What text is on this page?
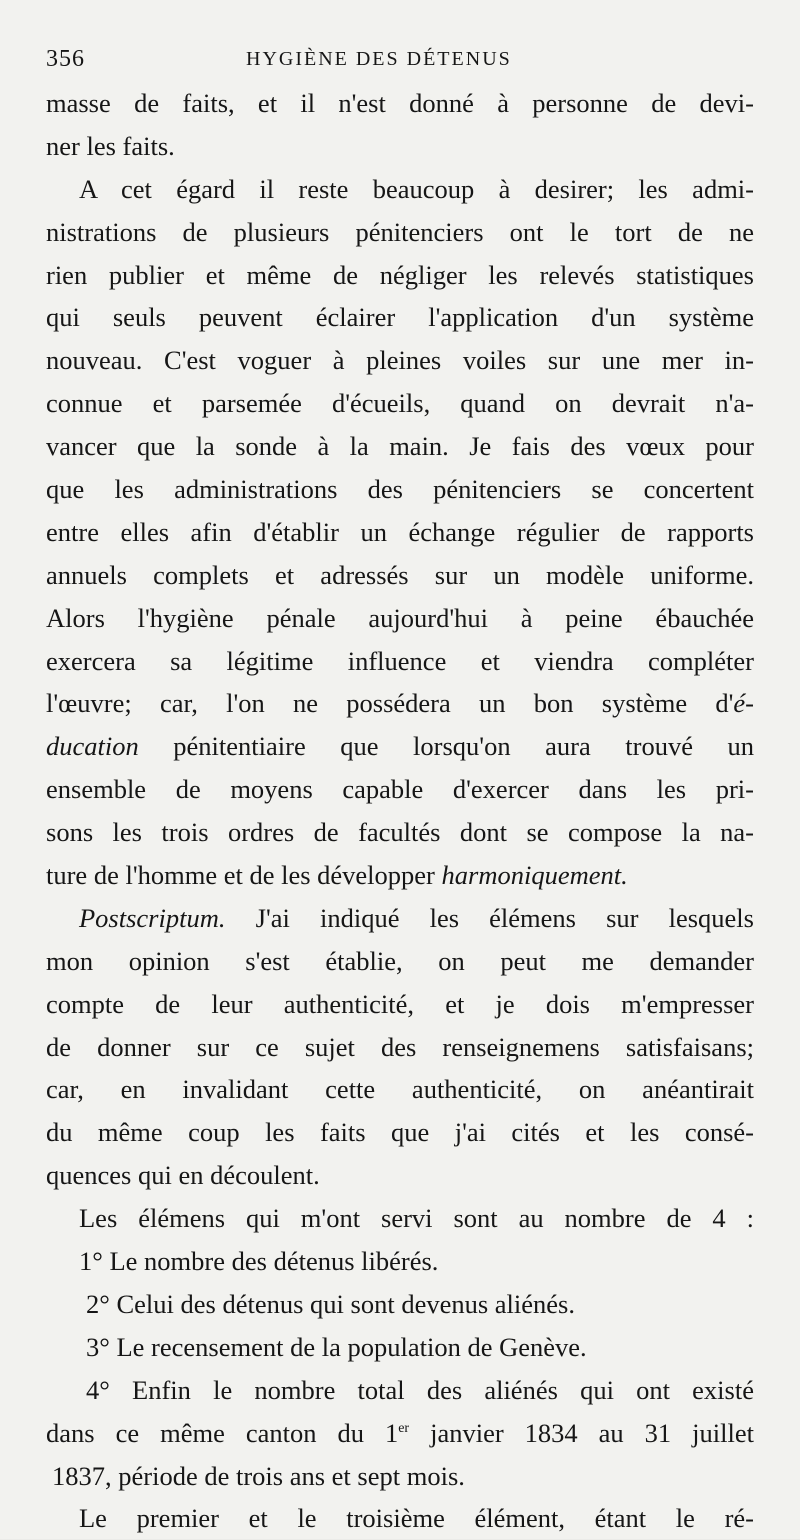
356	HYGIÈNE DES DÉTENUS
masse de faits, et il n'est donné à personne de devi-
ner les faits.
A cet égard il reste beaucoup à desirer; les admi-
nistrations de plusieurs pénitenciers ont le tort de ne
rien publier et même de négliger les relevés statistiques
qui seuls peuvent éclairer l'application d'un système
nouveau. C'est voguer à pleines voiles sur une mer in-
connue et parsemée d'écueils, quand on devrait n'a-
vancer que la sonde à la main. Je fais des vœux pour
que les administrations des pénitenciers se concertent
entre elles afin d'établir un échange régulier de rapports
annuels complets et adressés sur un modèle uniforme.
Alors l'hygiène pénale aujourd'hui à peine ébauchée
exercera sa légitime influence et viendra compléter
l'œuvre; car, l'on ne possédera un bon système d'é-
ducation pénitentiaire que lorsqu'on aura trouvé un
ensemble de moyens capable d'exercer dans les pri-
sons les trois ordres de facultés dont se compose la na-
ture de l'homme et de les développer harmoniquement.
Postscriptum. J'ai indiqué les élémens sur lesquels
mon opinion s'est établie, on peut me demander
compte de leur authenticité, et je dois m'empresser
de donner sur ce sujet des renseignemens satisfaisans;
car, en invalidant cette authenticité, on anéantirait
du même coup les faits que j'ai cités et les consé-
quences qui en découlent.
Les élémens qui m'ont servi sont au nombre de 4 :
1° Le nombre des détenus libérés.
2° Celui des détenus qui sont devenus aliénés.
3° Le recensement de la population de Genève.
4° Enfin le nombre total des aliénés qui ont existé
dans ce même canton du 1er janvier 1834 au 31 juillet
1837, période de trois ans et sept mois.
Le premier et le troisième élément, étant le ré-
